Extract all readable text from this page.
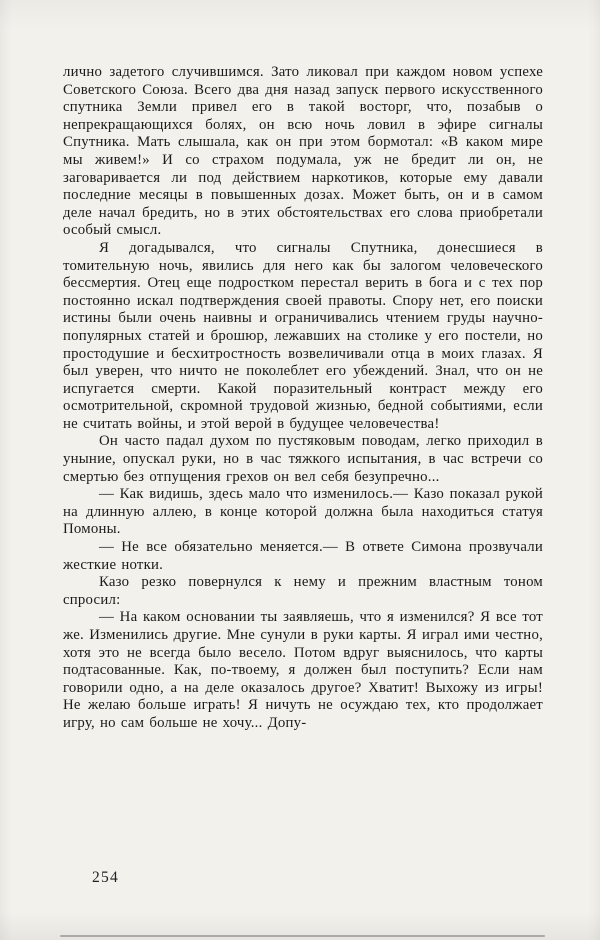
лично задетого случившимся. Зато ликовал при каждом новом успехе Советского Союза. Всего два дня назад запуск первого искусственного спутника Земли привел его в такой восторг, что, позабыв о непрекращающихся болях, он всю ночь ловил в эфире сигналы Спутника. Мать слышала, как он при этом бормотал: «В каком мире мы живем!» И со страхом подумала, уж не бредит ли он, не заговаривается ли под действием наркотиков, которые ему давали последние месяцы в повышенных дозах. Может быть, он и в самом деле начал бредить, но в этих обстоятельствах его слова приобретали особый смысл.

Я догадывался, что сигналы Спутника, донесшиеся в томительную ночь, явились для него как бы залогом человеческого бессмертия. Отец еще подростком перестал верить в бога и с тех пор постоянно искал подтверждения своей правоты. Спору нет, его поиски истины были очень наивны и ограничивались чтением груды научно-популярных статей и брошюр, лежавших на столике у его постели, но простодушие и бесхитростность возвеличивали отца в моих глазах. Я был уверен, что ничто не поколеблет его убеждений. Знал, что он не испугается смерти. Какой поразительный контраст между его осмотрительной, скромной трудовой жизнью, бедной событиями, если не считать войны, и этой верой в будущее человечества!

Он часто падал духом по пустяковым поводам, легко приходил в уныние, опускал руки, но в час тяжкого испытания, в час встречи со смертью без отпущения грехов он вел себя безупречно...

— Как видишь, здесь мало что изменилось.— Казо показал рукой на длинную аллею, в конце которой должна была находиться статуя Помоны.

— Не все обязательно меняется.— В ответе Симона прозвучали жесткие нотки.

Казо резко повернулся к нему и прежним властным тоном спросил:

— На каком основании ты заявляешь, что я изменился? Я все тот же. Изменились другие. Мне сунули в руки карты. Я играл ими честно, хотя это не всегда было весело. Потом вдруг выяснилось, что карты подтасованные. Как, по-твоему, я должен был поступить? Если нам говорили одно, а на деле оказалось другое? Хватит! Выхожу из игры! Не желаю больше играть! Я ничуть не осуждаю тех, кто продолжает игру, но сам больше не хочу... Допу-

254
